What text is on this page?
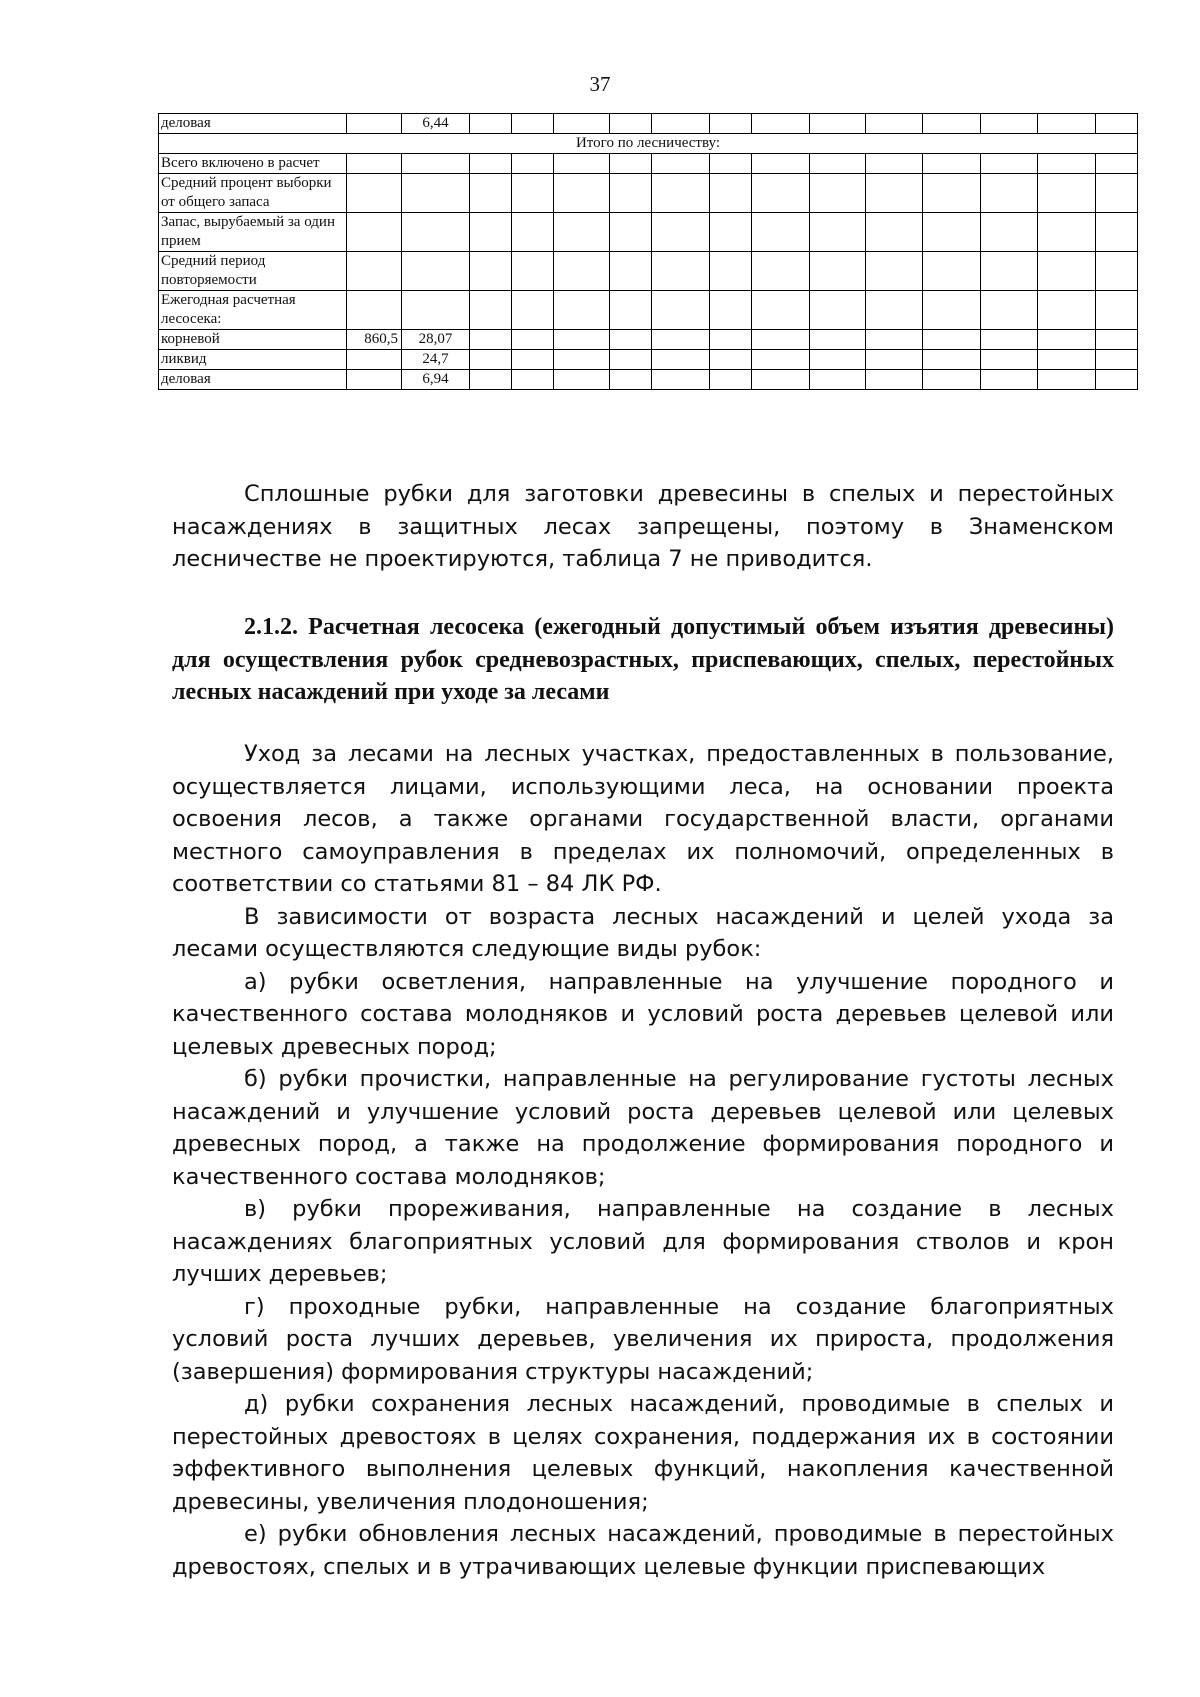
37
деловая		6,44													
Итого по лесничеству:															
Всего включено в расчет															
Средний процент выборки от общего запаса															
Запас, вырубаемый за один прием															
Средний период повторяемости															
Ежегодная расчетная лесосека:															
корневой	860,5	28,07													
ликвид		24,7													
деловая		6,94													

Сплошные рубки для заготовки древесины в спелых и перестойных насаждениях в защитных лесах запрещены, поэтому в Знаменском лесничестве не проектируются, таблица 7 не приводится.

2.1.2. Расчетная лесосека (ежегодный допустимый объем изъятия древесины) для осуществления рубок средневозрастных, приспевающих, спелых, перестойных лесных насаждений при уходе за лесами

Уход за лесами на лесных участках, предоставленных в пользование, осуществляется лицами, использующими леса, на основании проекта освоения лесов, а также органами государственной власти, органами местного самоуправления в пределах их полномочий, определенных в соответствии со статьями 81 – 84 ЛК РФ.

В зависимости от возраста лесных насаждений и целей ухода за лесами осуществляются следующие виды рубок:

а) рубки осветления, направленные на улучшение породного и качественного состава молодняков и условий роста деревьев целевой или целевых древесных пород;

б) рубки прочистки, направленные на регулирование густоты лесных насаждений и улучшение условий роста деревьев целевой или целевых древесных пород, а также на продолжение формирования породного и качественного состава молодняков;

в) рубки прореживания, направленные на создание в лесных насаждениях благоприятных условий для формирования стволов и крон лучших деревьев;

г) проходные рубки, направленные на создание благоприятных условий роста лучших деревьев, увеличения их прироста, продолжения (завершения) формирования структуры насаждений;

д) рубки сохранения лесных насаждений, проводимые в спелых и перестойных древостоях в целях сохранения, поддержания их в состоянии эффективного выполнения целевых функций, накопления качественной древесины, увеличения плодоношения;

е) рубки обновления лесных насаждений, проводимые в перестойных древостоях, спелых и в утрачивающих целевые функции приспевающих
